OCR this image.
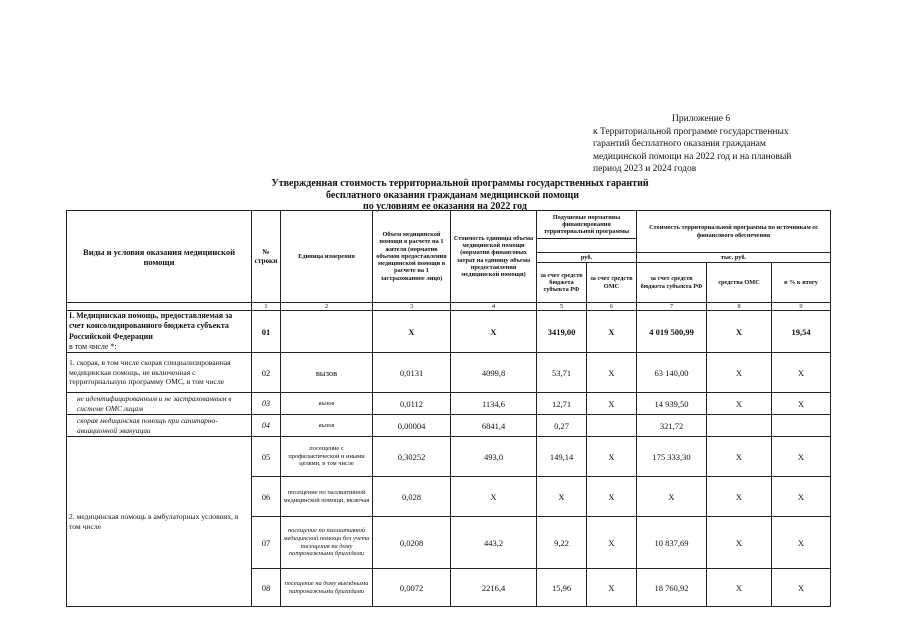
Приложение 6
к Территориальной программе государственных
гарантий бесплатного оказания гражданам
медицинской помощи на 2022 год и на плановый
период 2023 и 2024 годов
Утвержденная стоимость территориальной программы государственных гарантий
бесплатного оказания гражданам медицинской помощи
по условиям ее оказания на 2022 год
Виды и условия оказания медицинской помощи	№ строки	Единица измерения	Объем медицинской помощи в расчете на 1 жителя (норматив объемов предоставления медицинской помощи в расчете на 1 застрахованное лицо)	Стоимость единицы объема медицинской помощи (норматив финансовых затрат на единицу объема предоставления медицинской помощи)	Подушевые нормативы финансирования территориальной программы		Стоимость территориальной программы по источникам ее финансового обеспечения		

					руб.		тыс. руб.		
					за счет средств бюджета субъекта РФ	за счет средств ОМС	за счет средств бюджета субъекта РФ	средства ОМС	в % к итогу
	1	2	3	4	5	6	7	8	9
I. Медицинская помощь, предоставляемая за счет консолидированного бюджета субъекта Российской Федерации
в том числе *:	01		X	X	3419,00	X	4 019 500,99	X	19,54
1. скорая, в том числе скорая специализированная медицинская помощь, не включенная с территориальную программу ОМС, в том числе	02	вызов	0,0131	4099,8	53,71	X	63 140,00	X	X
не идентифицированным и не застрахованным в системе ОМС лицам	03	вызов	0,0112	1134,6	12,71	X	14 939,50	X	X
скорая медицинская помощь при санитарно-авиационной эвакуации	04	вызов	0,00004	6841,4	0,27		321,72		
2. медицинская помощь в амбулаторных условиях, в том числе	05	посещение с профилактической и иными целями, в том числе	0,30252	493,0	149,14	X	175 333,30	X	X
	06	посещение по паллиативной медицинской помощи, включая	0,028	X	X	X	X	X	X
	07	посещение по паллиативной медицинской помощи без учета посещения на дому патронажными бригадами	0,0208	443,2	9,22	X	10 837,69	X	X
	08	посещение на дому выездными патронажными бригадами	0,0072	2216,4	15,96	X	18 760,92	X	X
